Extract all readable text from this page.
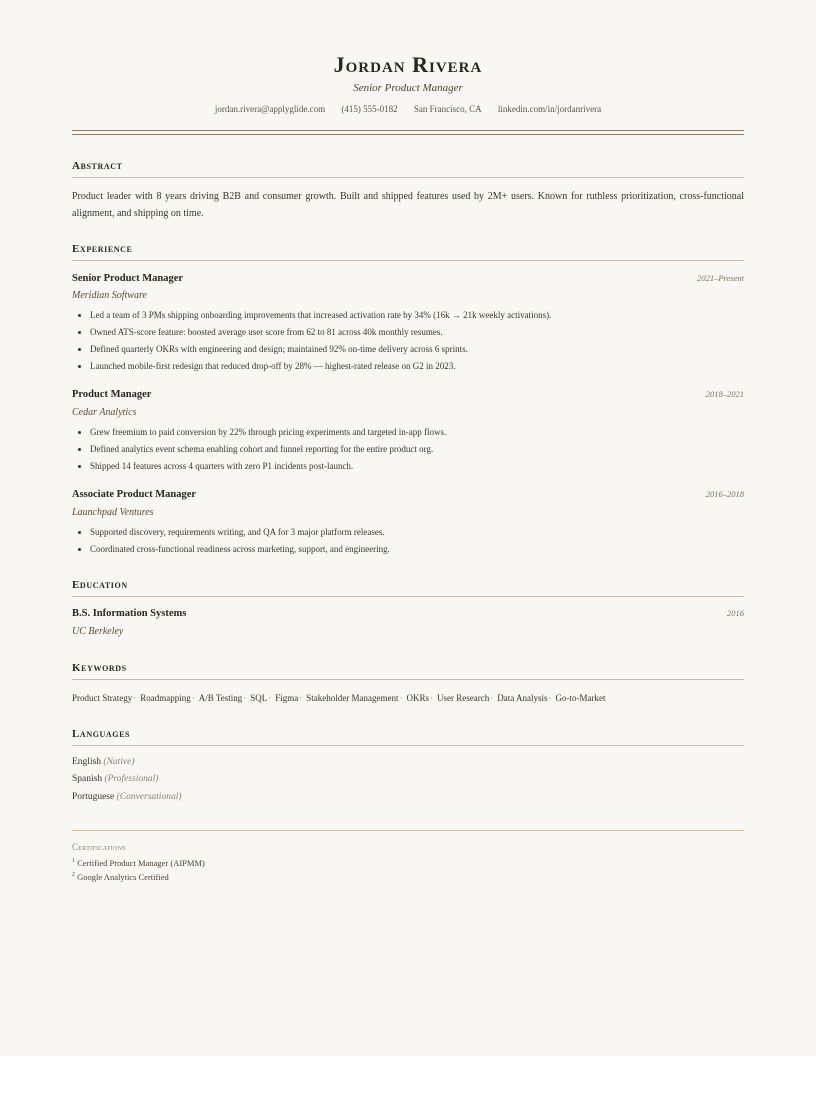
Jordan Rivera
Senior Product Manager
jordan.rivera@applyglide.com (415) 555-0182 San Francisco, CA linkedin.com/in/jordanrivera
Abstract
Product leader with 8 years driving B2B and consumer growth. Built and shipped features used by 2M+ users. Known for ruthless prioritization, cross-functional alignment, and shipping on time.
Experience
Senior Product Manager	2021–Present
Meridian Software
• Led a team of 3 PMs shipping onboarding improvements that increased activation rate by 34% (16k → 21k weekly activations).
• Owned ATS-score feature: boosted average user score from 62 to 81 across 40k monthly resumes.
• Defined quarterly OKRs with engineering and design; maintained 92% on-time delivery across 6 sprints.
• Launched mobile-first redesign that reduced drop-off by 28% — highest-rated release on G2 in 2023.
Product Manager	2018–2021
Cedar Analytics
• Grew freemium to paid conversion by 22% through pricing experiments and targeted in-app flows.
• Defined analytics event schema enabling cohort and funnel reporting for the entire product org.
• Shipped 14 features across 4 quarters with zero P1 incidents post-launch.
Associate Product Manager	2016–2018
Launchpad Ventures
• Supported discovery, requirements writing, and QA for 3 major platform releases.
• Coordinated cross-functional readiness across marketing, support, and engineering.
Education
B.S. Information Systems	2016
UC Berkeley
Keywords
Product Strategy· Roadmapping· A/B Testing· SQL· Figma· Stakeholder Management· OKRs· User Research· Data Analysis· Go-to-Market
Languages
English (Native)
Spanish (Professional)
Portuguese (Conversational)
Certifications
$^1$ Certified Product Manager (AIPMM)
$^2$ Google Analytics Certified
